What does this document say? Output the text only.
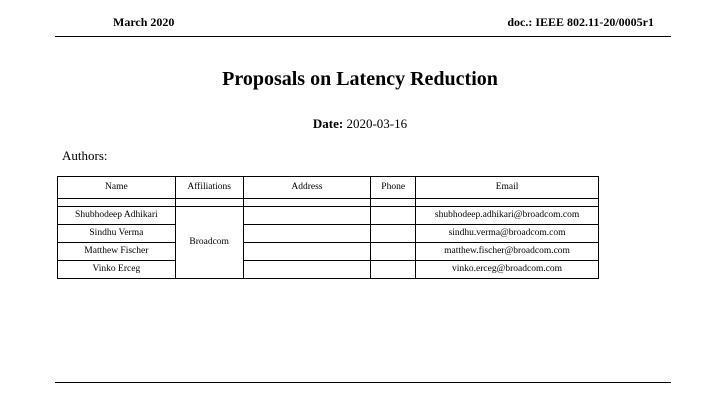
March 2020	doc.: IEEE 802.11-20/0005r1
Proposals on Latency Reduction
Date: 2020-03-16
Authors:
Name	Affiliations	Address	Phone	Email

Shubhodeep Adhikari	Broadcom			shubhodeep.adhikari@broadcom.com
Sindhu Verma				sindhu.verma@broadcom.com
Matthew Fischer				matthew.fischer@broadcom.com
Vinko Erceg				vinko.erceg@broadcom.com
